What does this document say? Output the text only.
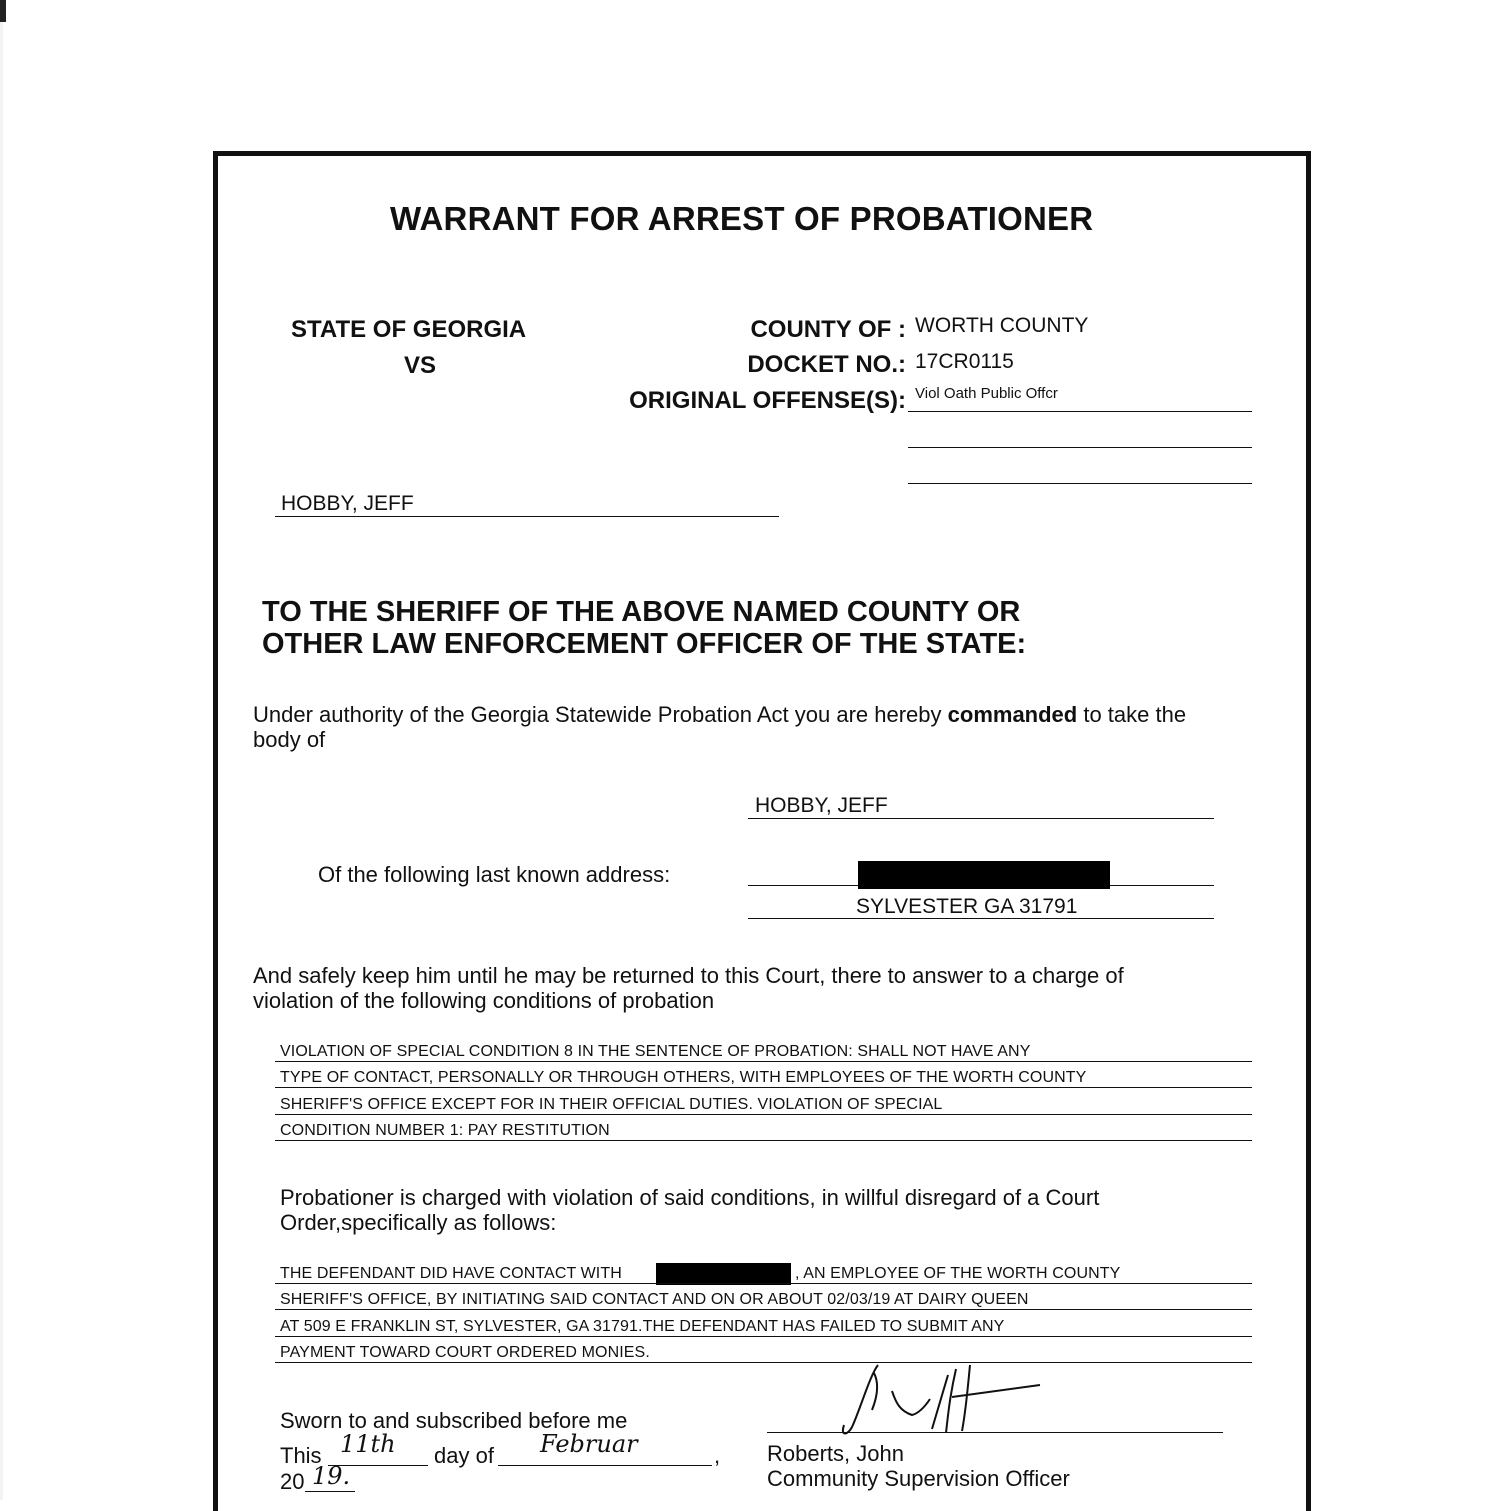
WARRANT FOR ARREST OF PROBATIONER
STATE OF GEORGIA
VS
COUNTY OF : WORTH COUNTY
DOCKET NO.: 17CR0115
ORIGINAL OFFENSE(S): Viol Oath Public Offcr
HOBBY, JEFF
TO THE SHERIFF OF THE ABOVE NAMED COUNTY OR
OTHER LAW ENFORCEMENT OFFICER OF THE STATE:
Under authority of the Georgia Statewide Probation Act you are hereby commanded to take the
body of
HOBBY, JEFF
Of the following last known address:
SYLVESTER GA 31791
And safely keep him until he may be returned to this Court, there to answer to a charge of
violation of the following conditions of probation
VIOLATION OF SPECIAL CONDITION 8 IN THE SENTENCE OF PROBATION: SHALL NOT HAVE ANY
TYPE OF CONTACT, PERSONALLY OR THROUGH OTHERS, WITH EMPLOYEES OF THE WORTH COUNTY
SHERIFF'S OFFICE EXCEPT FOR IN THEIR OFFICIAL DUTIES. VIOLATION OF SPECIAL
CONDITION NUMBER 1: PAY RESTITUTION
Probationer is charged with violation of said conditions, in willful disregard of a Court
Order,specifically as follows:
THE DEFENDANT DID HAVE CONTACT WITH	, AN EMPLOYEE OF THE WORTH COUNTY
SHERIFF'S OFFICE, BY INITIATING SAID CONTACT AND ON OR ABOUT 02/03/19 AT DAIRY QUEEN
AT 509 E FRANKLIN ST, SYLVESTER, GA 31791.THE DEFENDANT HAS FAILED TO SUBMIT ANY
PAYMENT TOWARD COURT ORDERED MONIES.
Sworn to and subscribed before me
This 11th day of Februar	,
20 19.
Roberts, John
Community Supervision Officer
